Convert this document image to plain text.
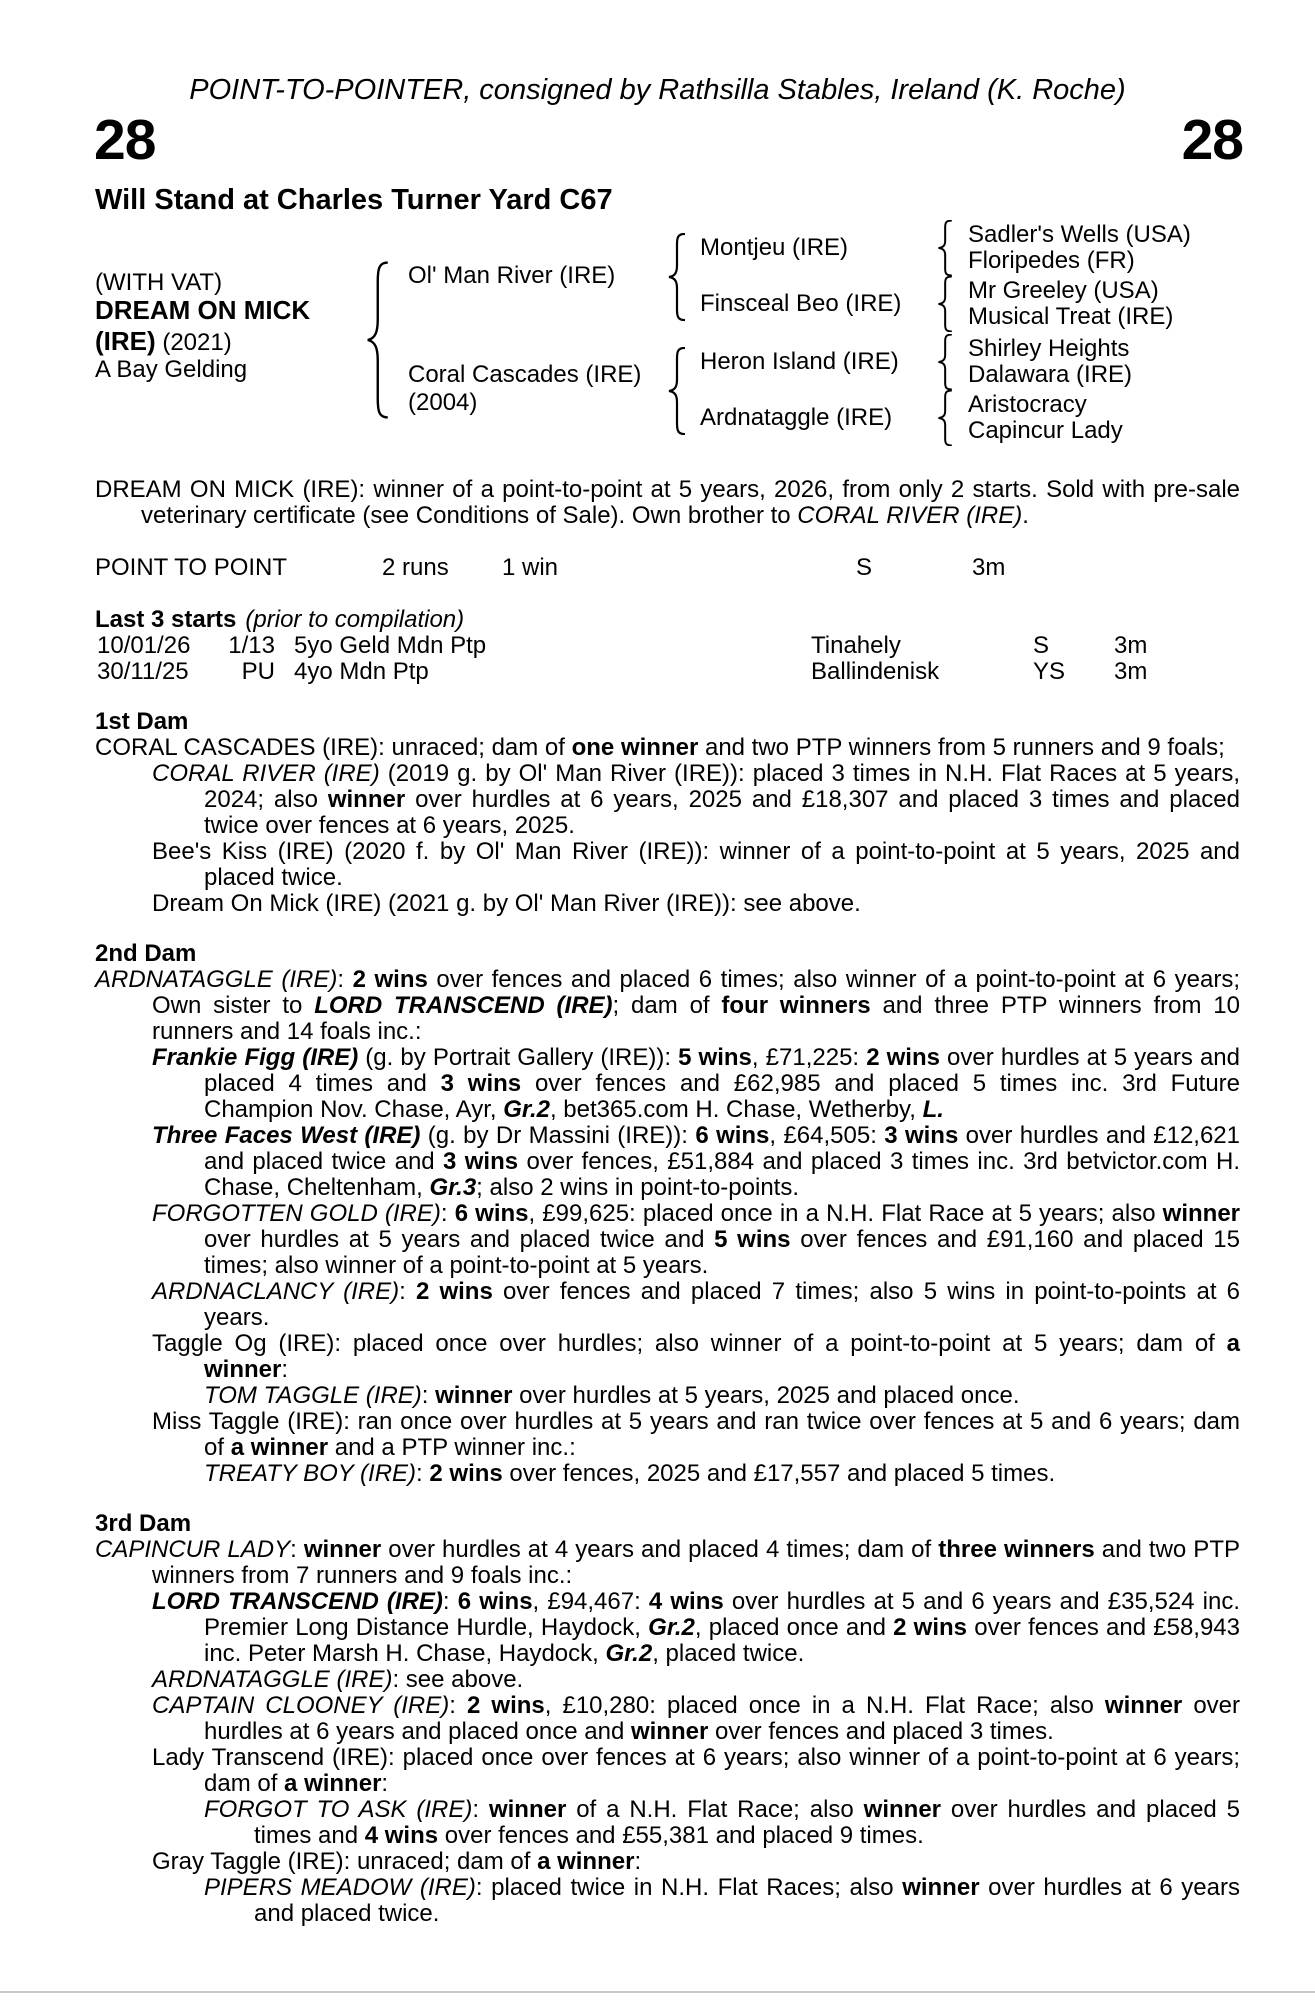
POINT-TO-POINTER, consigned by Rathsilla Stables, Ireland (K. Roche)
28	28
Will Stand at Charles Turner Yard C67
(WITH VAT)
DREAM ON MICK
(IRE) (2021)
A Bay Gelding
Ol' Man River (IRE)
Coral Cascades (IRE)
(2004)
Montjeu (IRE)
Finsceal Beo (IRE)
Heron Island (IRE)
Ardnataggle (IRE)
Sadler's Wells (USA)
Floripedes (FR)
Mr Greeley (USA)
Musical Treat (IRE)
Shirley Heights
Dalawara (IRE)
Aristocracy
Capincur Lady
DREAM ON MICK (IRE): winner of a point-to-point at 5 years, 2026, from only 2 starts. Sold with pre-sale veterinary certificate (see Conditions of Sale). Own brother to CORAL RIVER (IRE).
POINT TO POINT	2 runs 1 win	S	3m
Last 3 starts (prior to compilation)
10/01/26	1/13 5yo Geld Mdn Ptp	Tinahely	S	3m
30/11/25	PU 4yo Mdn Ptp	Ballindenisk	YS 3m
1st Dam
CORAL CASCADES (IRE): unraced; dam of one winner and two PTP winners from 5 runners and 9 foals;
CORAL RIVER (IRE) (2019 g. by Ol' Man River (IRE)): placed 3 times in N.H. Flat Races at 5 years, 2024; also winner over hurdles at 6 years, 2025 and £18,307 and placed 3 times and placed twice over fences at 6 years, 2025.
Bee's Kiss (IRE) (2020 f. by Ol' Man River (IRE)): winner of a point-to-point at 5 years, 2025 and placed twice.
Dream On Mick (IRE) (2021 g. by Ol' Man River (IRE)): see above.
2nd Dam
ARDNATAGGLE (IRE): 2 wins over fences and placed 6 times; also winner of a point-to-point at 6 years; Own sister to LORD TRANSCEND (IRE); dam of four winners and three PTP winners from 10 runners and 14 foals inc.:
Frankie Figg (IRE) (g. by Portrait Gallery (IRE)): 5 wins, £71,225: 2 wins over hurdles at 5 years and placed 4 times and 3 wins over fences and £62,985 and placed 5 times inc. 3rd Future Champion Nov. Chase, Ayr, Gr.2, bet365.com H. Chase, Wetherby, L.
Three Faces West (IRE) (g. by Dr Massini (IRE)): 6 wins, £64,505: 3 wins over hurdles and £12,621 and placed twice and 3 wins over fences, £51,884 and placed 3 times inc. 3rd betvictor.com H. Chase, Cheltenham, Gr.3; also 2 wins in point-to-points.
FORGOTTEN GOLD (IRE): 6 wins, £99,625: placed once in a N.H. Flat Race at 5 years; also winner over hurdles at 5 years and placed twice and 5 wins over fences and £91,160 and placed 15 times; also winner of a point-to-point at 5 years.
ARDNACLANCY (IRE): 2 wins over fences and placed 7 times; also 5 wins in point-to-points at 6 years.
Taggle Og (IRE): placed once over hurdles; also winner of a point-to-point at 5 years; dam of a winner:
TOM TAGGLE (IRE): winner over hurdles at 5 years, 2025 and placed once.
Miss Taggle (IRE): ran once over hurdles at 5 years and ran twice over fences at 5 and 6 years; dam of a winner and a PTP winner inc.:
TREATY BOY (IRE): 2 wins over fences, 2025 and £17,557 and placed 5 times.
3rd Dam
CAPINCUR LADY: winner over hurdles at 4 years and placed 4 times; dam of three winners and two PTP winners from 7 runners and 9 foals inc.:
LORD TRANSCEND (IRE): 6 wins, £94,467: 4 wins over hurdles at 5 and 6 years and £35,524 inc. Premier Long Distance Hurdle, Haydock, Gr.2, placed once and 2 wins over fences and £58,943 inc. Peter Marsh H. Chase, Haydock, Gr.2, placed twice.
ARDNATAGGLE (IRE): see above.
CAPTAIN CLOONEY (IRE): 2 wins, £10,280: placed once in a N.H. Flat Race; also winner over hurdles at 6 years and placed once and winner over fences and placed 3 times.
Lady Transcend (IRE): placed once over fences at 6 years; also winner of a point-to-point at 6 years; dam of a winner:
FORGOT TO ASK (IRE): winner of a N.H. Flat Race; also winner over hurdles and placed 5 times and 4 wins over fences and £55,381 and placed 9 times.
Gray Taggle (IRE): unraced; dam of a winner:
PIPERS MEADOW (IRE): placed twice in N.H. Flat Races; also winner over hurdles at 6 years and placed twice.
